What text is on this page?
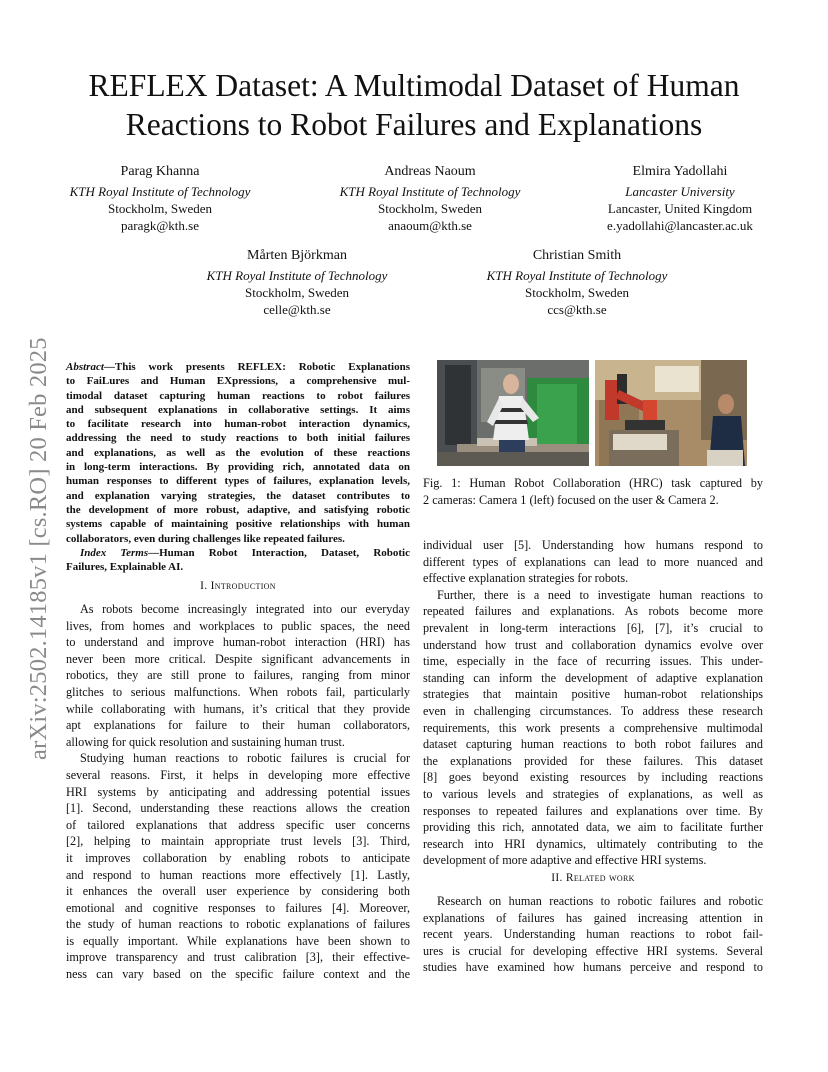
arXiv:2502.14185v1 [cs.RO] 20 Feb 2025
REFLEX Dataset: A Multimodal Dataset of Human
Reactions to Robot Failures and Explanations
Parag Khanna
KTH Royal Institute of Technology
Stockholm, Sweden
paragk@kth.se
Andreas Naoum
KTH Royal Institute of Technology
Stockholm, Sweden
anaoum@kth.se
Elmira Yadollahi
Lancaster University
Lancaster, United Kingdom
e.yadollahi@lancaster.ac.uk
Mårten Björkman
KTH Royal Institute of Technology
Stockholm, Sweden
celle@kth.se
Christian Smith
KTH Royal Institute of Technology
Stockholm, Sweden
ccs@kth.se
Abstract—This work presents REFLEX: Robotic Explanations
to FaiLures and Human EXpressions, a comprehensive mul-
timodal dataset capturing human reactions to robot failures
and subsequent explanations in collaborative settings. It aims
to facilitate research into human-robot interaction dynamics,
addressing the need to study reactions to both initial failures
and explanations, as well as the evolution of these reactions
in long-term interactions. By providing rich, annotated data on
human responses to different types of failures, explanation levels,
and explanation varying strategies, the dataset contributes to
the development of more robust, adaptive, and satisfying robotic
systems capable of maintaining positive relationships with human
collaborators, even during challenges like repeated failures.
Index Terms—Human Robot Interaction, Dataset, Robotic
Failures, Explainable AI.
I. Introduction

As robots become increasingly integrated into our everyday
lives, from homes and workplaces to public spaces, the need
to understand and improve human-robot interaction (HRI) has
never been more critical. Despite significant advancements in
robotics, they are still prone to failures, ranging from minor
glitches to serious malfunctions. When robots fail, particularly
while collaborating with humans, it’s critical that they provide
apt explanations for failure to their human collaborators,
allowing for quick resolution and sustaining human trust.

Studying human reactions to robotic failures is crucial for
several reasons. First, it helps in developing more effective
HRI systems by anticipating and addressing potential issues
[1]. Second, understanding these reactions allows the creation
of tailored explanations that address specific user concerns
[2], helping to maintain appropriate trust levels [3]. Third,
it improves collaboration by enabling robots to anticipate
and respond to human reactions more effectively [1]. Lastly,
it enhances the overall user experience by considering both
emotional and cognitive responses to failures [4]. Moreover,
the study of human reactions to robotic explanations of failures
is equally important. While explanations have been shown to
improve transparency and trust calibration [3], their effective-
ness can vary based on the specific failure context and the

Fig. 1: Human Robot Collaboration (HRC) task captured by
2 cameras: Camera 1 (left) focused on the user & Camera 2.

individual user [5]. Understanding how humans respond to
different types of explanations can lead to more nuanced and
effective explanation strategies for robots.

Further, there is a need to investigate human reactions to
repeated failures and explanations. As robots become more
prevalent in long-term interactions [6], [7], it’s crucial to
understand how trust and collaboration dynamics evolve over
time, especially in the face of recurring issues. This under-
standing can inform the development of adaptive explanation
strategies that maintain positive human-robot relationships
even in challenging circumstances. To address these research
requirements, this work presents a comprehensive multimodal
dataset capturing human reactions to both robot failures and
the explanations provided for these failures. This dataset
[8] goes beyond existing resources by including reactions
to various levels and strategies of explanations, as well as
responses to repeated failures and explanations over time. By
providing this rich, annotated data, we aim to facilitate further
research into HRI dynamics, ultimately contributing to the
development of more adaptive and effective HRI systems.

II. Related work

Research on human reactions to robotic failures and robotic
explanations of failures has gained increasing attention in
recent years. Understanding human reactions to robot fail-
ures is crucial for developing effective HRI systems. Several
studies have examined how humans perceive and respond to
